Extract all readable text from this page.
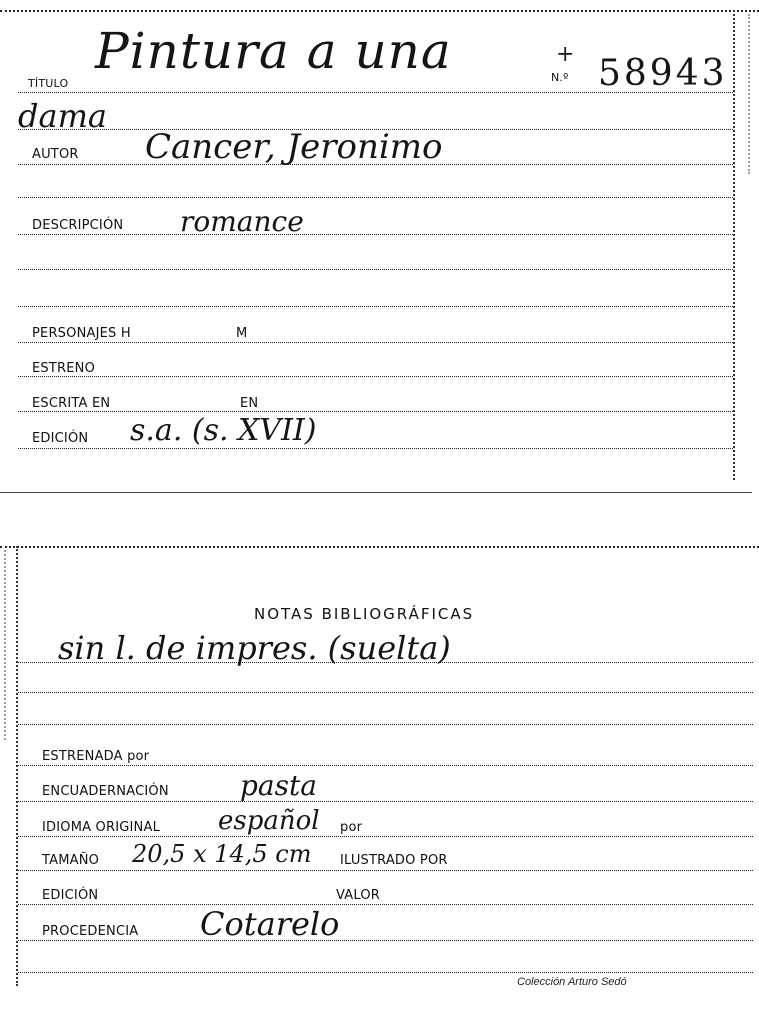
TÍTULO
Pintura a una	+
N.º 58943
dama
AUTOR Cancer, Jeronimo
DESCRIPCIÓN romance
PERSONAJES H	M
ESTRENO
ESCRITA EN	EN
EDICIÓN s.a. (s. XVII)
NOTAS BIBLIOGRÁFICAS
sin l. de impres. (suelta)
ESTRENADA por
ENCUADERNACIÓN	pasta
IDIOMA ORIGINAL español por
TAMAÑO 20,5 x 14,5 cm ILUSTRADO POR
EDICIÓN	VALOR
PROCEDENCIA Cotarelo
Colección Arturo Sedó
